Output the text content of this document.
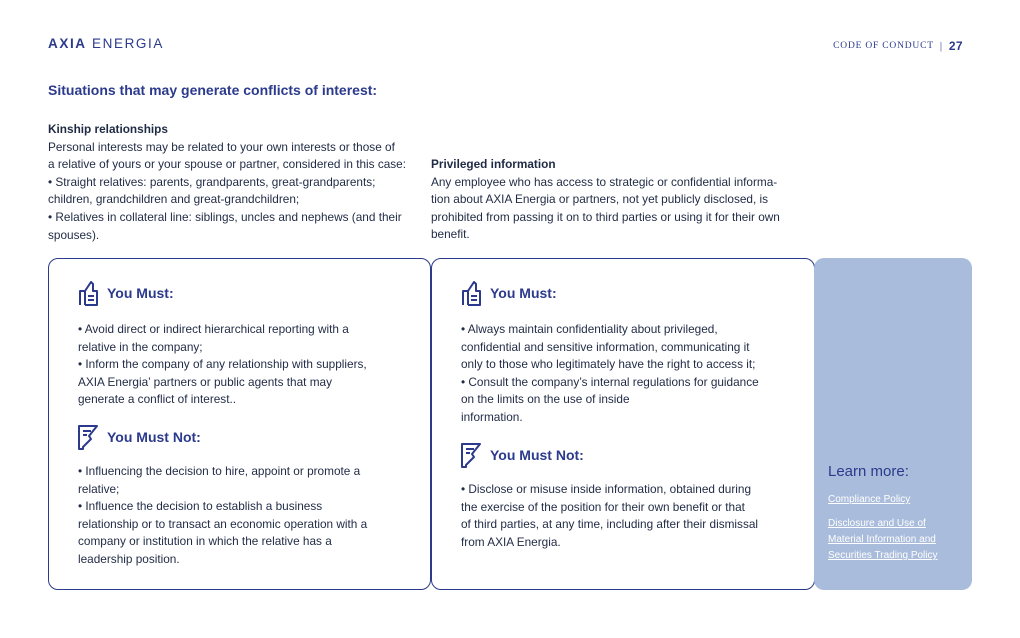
AXIA ENERGIA	CODE OF CONDUCT | 27
Situations that may generate conflicts of interest:
Kinship relationships
Personal interests may be related to your own interests or those of
a relative of yours or your spouse or partner, considered in this case:
• Straight relatives: parents, grandparents, great-grandparents;
children, grandchildren and great-grandchildren;
• Relatives in collateral line: siblings, uncles and nephews (and their
spouses).
Privileged information
Any employee who has access to strategic or confidential informa-
tion about AXIA Energia or partners, not yet publicly disclosed, is
prohibited from passing it on to third parties or using it for their own
benefit.
You Must:
• Avoid direct or indirect hierarchical reporting with a
relative in the company;
• Inform the company of any relationship with suppliers,
AXIA Energia’ partners or public agents that may
generate a conflict of interest..
You Must Not:
• Influencing the decision to hire, appoint or promote a
relative;
• Influence the decision to establish a business
relationship or to transact an economic operation with a
company or institution in which the relative has a
leadership position.
You Must:
• Always maintain confidentiality about privileged,
confidential and sensitive information, communicating it
only to those who legitimately have the right to access it;
• Consult the company’s internal regulations for guidance
on the limits on the use of inside
information.
You Must Not:
• Disclose or misuse inside information, obtained during
the exercise of the position for their own benefit or that
of third parties, at any time, including after their dismissal
from AXIA Energia.
Learn more:
Compliance Policy
Disclosure and Use of
Material Information and
Securities Trading Policy
